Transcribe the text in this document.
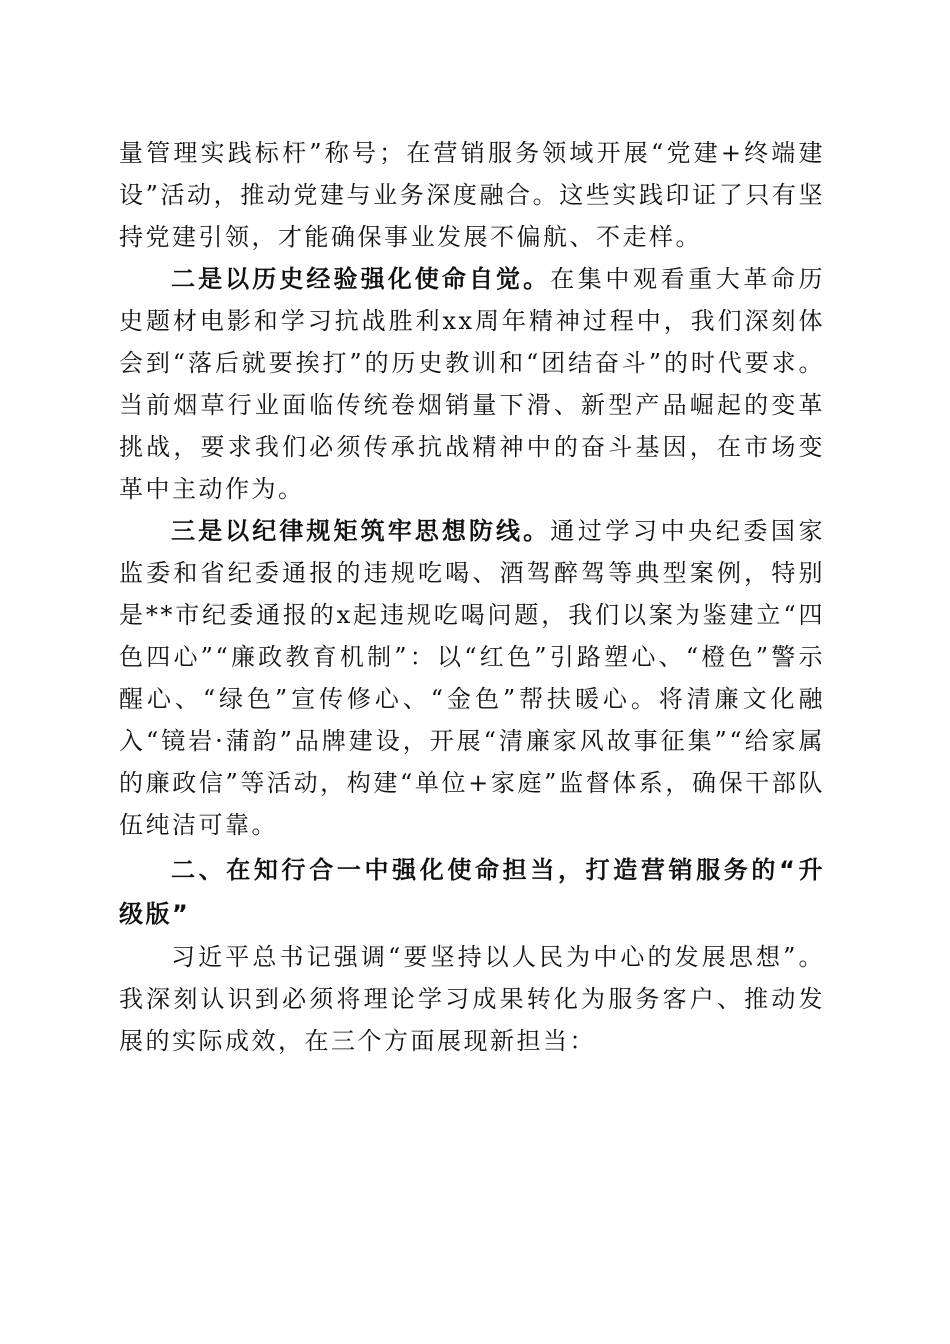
量管理实践标杆”称号；在营销服务领域开展“党建+终端建设”活动，推动党建与业务深度融合。这些实践印证了只有坚持党建引领，才能确保事业发展不偏航、不走样。

二是以历史经验强化使命自觉。在集中观看重大革命历史题材电影和学习抗战胜利xx周年精神过程中，我们深刻体会到“落后就要挨打”的历史教训和“团结奋斗”的时代要求。当前烟草行业面临传统卷烟销量下滑、新型产品崛起的变革挑战，要求我们必须传承抗战精神中的奋斗基因，在市场变革中主动作为。

三是以纪律规矩筑牢思想防线。通过学习中央纪委国家监委和省纪委通报的违规吃喝、酒驾醉驾等典型案例，特别是**市纪委通报的x起违规吃喝问题，我们以案为鉴建立“四色四心”“廉政教育机制”：以“红色”引路塑心、“橙色”警示醒心、“绿色”宣传修心、“金色”帮扶暖心。将清廉文化融入“镜岩·蒲韵”品牌建设，开展“清廉家风故事征集”“给家属的廉政信”等活动，构建“单位+家庭”监督体系，确保干部队伍纯洁可靠。

二、在知行合一中强化使命担当，打造营销服务的“升级版”

习近平总书记强调“要坚持以人民为中心的发展思想”。我深刻认识到必须将理论学习成果转化为服务客户、推动发展的实际成效，在三个方面展现新担当：
